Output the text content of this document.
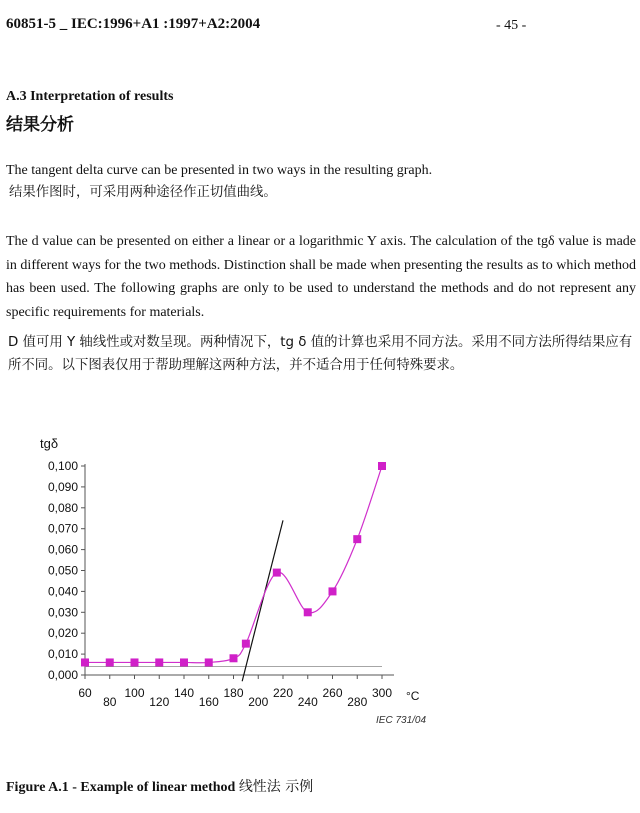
60851-5 _ IEC:1996+A1 :1997+A2:2004	- 45 -
A.3 Interpretation of results
结果分析
The tangent delta curve can be presented in two ways in the resulting graph.
结果作图时，可采用两种途径作正切值曲线。
The d value can be presented on either a linear or a logarithmic Y axis. The calculation of the tgδ value is made in different ways for the two methods. Distinction shall be made when presenting the results as to which method has been used. The following graphs are only to be used to understand the methods and do not represent any specific requirements for materials.
D 值可用 Y 轴线性或对数呈现。两种情况下，tg δ 值的计算也采用不同方法。采用不同方法所得结果应有所不同。以下图表仅用于帮助理解这两种方法，并不适合用于任何特殊要求。
0,000
0,010
0,020
0,030
0,040
0,050
0,060
0,070
0,080
0,090
0,100
60
80
100
120
140
160
180
200
220
240
260
280
300
tgδ
°C
IEC 731/04
Figure A.1 - Example of linear method 线性法 示例
